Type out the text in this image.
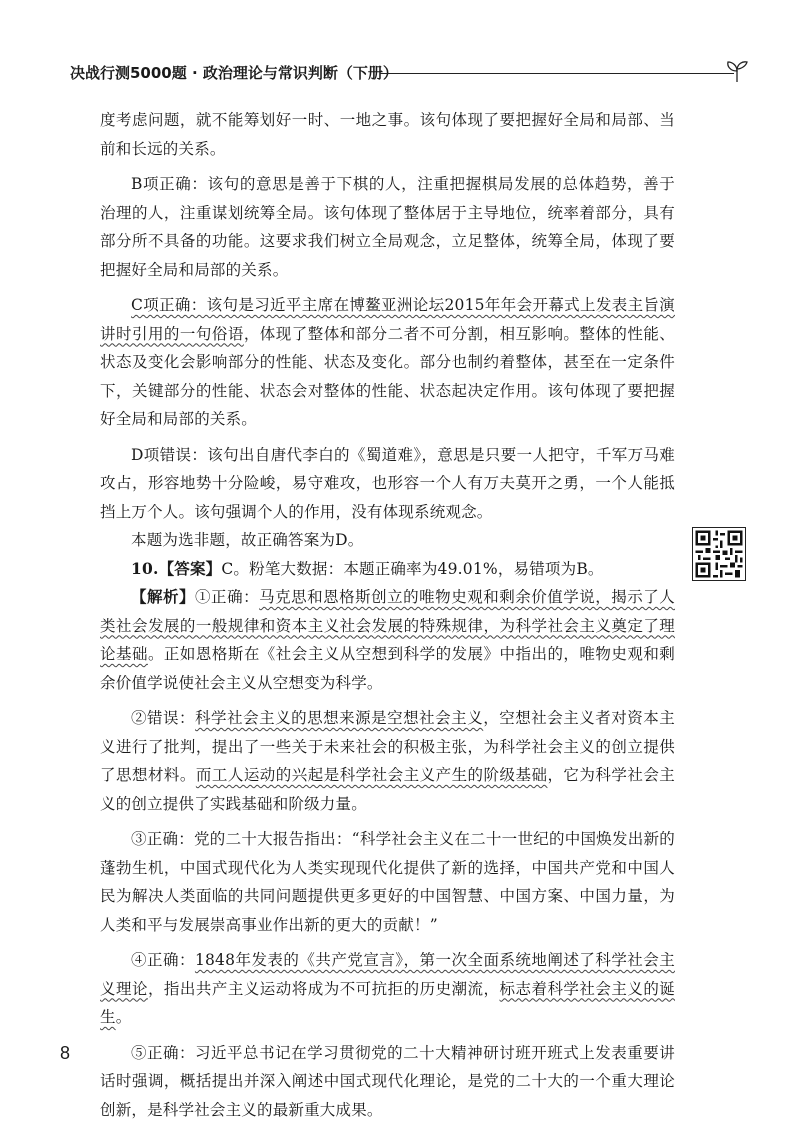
决战行测5000题 · 政治理论与常识判断（下册）

度考虑问题，就不能筹划好一时、一地之事。该句体现了要把握好全局和局部、当前和长远的关系。

B项正确：该句的意思是善于下棋的人，注重把握棋局发展的总体趋势，善于治理的人，注重谋划统筹全局。该句体现了整体居于主导地位，统率着部分，具有部分所不具备的功能。这要求我们树立全局观念，立足整体，统筹全局，体现了要把握好全局和局部的关系。

C项正确：该句是习近平主席在博鳌亚洲论坛2015年年会开幕式上发表主旨演讲时引用的一句俗语，体现了整体和部分二者不可分割，相互影响。整体的性能、状态及变化会影响部分的性能、状态及变化。部分也制约着整体，甚至在一定条件下，关键部分的性能、状态会对整体的性能、状态起决定作用。该句体现了要把握好全局和局部的关系。

D项错误：该句出自唐代李白的《蜀道难》，意思是只要一人把守，千军万马难攻占，形容地势十分险峻，易守难攻，也形容一个人有万夫莫开之勇，一个人能抵挡上万个人。该句强调个人的作用，没有体现系统观念。

本题为选非题，故正确答案为D。

10.【答案】C。粉笔大数据：本题正确率为49.01%，易错项为B。

【解析】①正确：马克思和恩格斯创立的唯物史观和剩余价值学说，揭示了人类社会发展的一般规律和资本主义社会发展的特殊规律，为科学社会主义奠定了理论基础。正如恩格斯在《社会主义从空想到科学的发展》中指出的，唯物史观和剩余价值学说使社会主义从空想变为科学。

②错误：科学社会主义的思想来源是空想社会主义，空想社会主义者对资本主义进行了批判，提出了一些关于未来社会的积极主张，为科学社会主义的创立提供了思想材料。而工人运动的兴起是科学社会主义产生的阶级基础，它为科学社会主义的创立提供了实践基础和阶级力量。

③正确：党的二十大报告指出：“科学社会主义在二十一世纪的中国焕发出新的蓬勃生机，中国式现代化为人类实现现代化提供了新的选择，中国共产党和中国人民为解决人类面临的共同问题提供更多更好的中国智慧、中国方案、中国力量，为人类和平与发展崇高事业作出新的更大的贡献！”

④正确：1848年发表的《共产党宣言》，第一次全面系统地阐述了科学社会主义理论，指出共产主义运动将成为不可抗拒的历史潮流，标志着科学社会主义的诞生。

⑤正确：习近平总书记在学习贯彻党的二十大精神研讨班开班式上发表重要讲话时强调，概括提出并深入阐述中国式现代化理论，是党的二十大的一个重大理论创新，是科学社会主义的最新重大成果。

8
